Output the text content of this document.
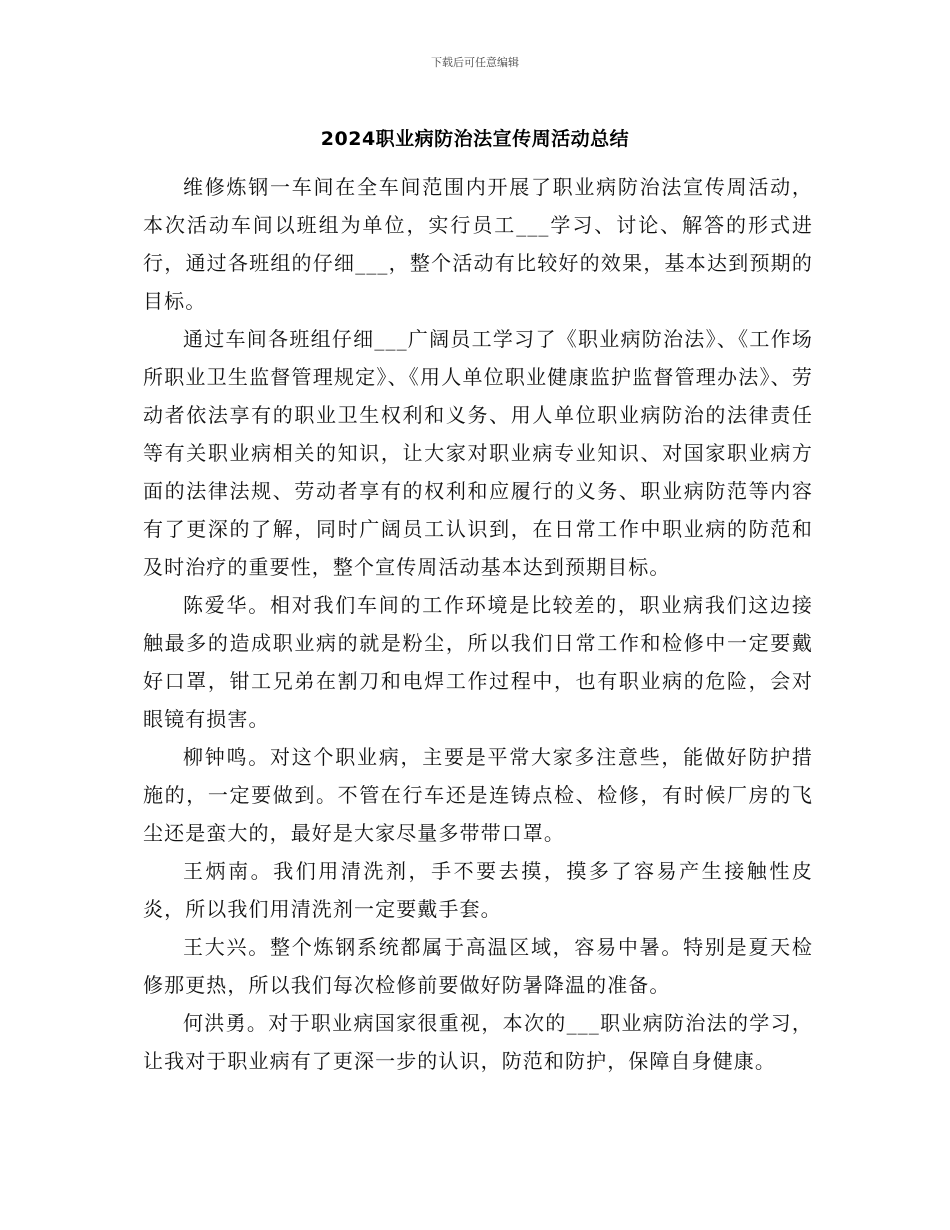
下载后可任意编辑
2024职业病防治法宣传周活动总结

维修炼钢一车间在全车间范围内开展了职业病防治法宣传周活动，本次活动车间以班组为单位，实行员工___学习、讨论、解答的形式进行，通过各班组的仔细___，整个活动有比较好的效果，基本达到预期的目标。

通过车间各班组仔细___广阔员工学习了《职业病防治法》、《工作场所职业卫生监督管理规定》、《用人单位职业健康监护监督管理办法》、劳动者依法享有的职业卫生权利和义务、用人单位职业病防治的法律责任等有关职业病相关的知识，让大家对职业病专业知识、对国家职业病方面的法律法规、劳动者享有的权利和应履行的义务、职业病防范等内容有了更深的了解，同时广阔员工认识到，在日常工作中职业病的防范和及时治疗的重要性，整个宣传周活动基本达到预期目标。

陈爱华。相对我们车间的工作环境是比较差的，职业病我们这边接触最多的造成职业病的就是粉尘，所以我们日常工作和检修中一定要戴好口罩，钳工兄弟在割刀和电焊工作过程中，也有职业病的危险，会对眼镜有损害。

柳钟鸣。对这个职业病，主要是平常大家多注意些，能做好防护措施的，一定要做到。不管在行车还是连铸点检、检修，有时候厂房的飞尘还是蛮大的，最好是大家尽量多带带口罩。

王炳南。我们用清洗剂，手不要去摸，摸多了容易产生接触性皮炎，所以我们用清洗剂一定要戴手套。

王大兴。整个炼钢系统都属于高温区域，容易中暑。特别是夏天检修那更热，所以我们每次检修前要做好防暑降温的准备。

何洪勇。对于职业病国家很重视，本次的___职业病防治法的学习，让我对于职业病有了更深一步的认识，防范和防护，保障自身健康。
